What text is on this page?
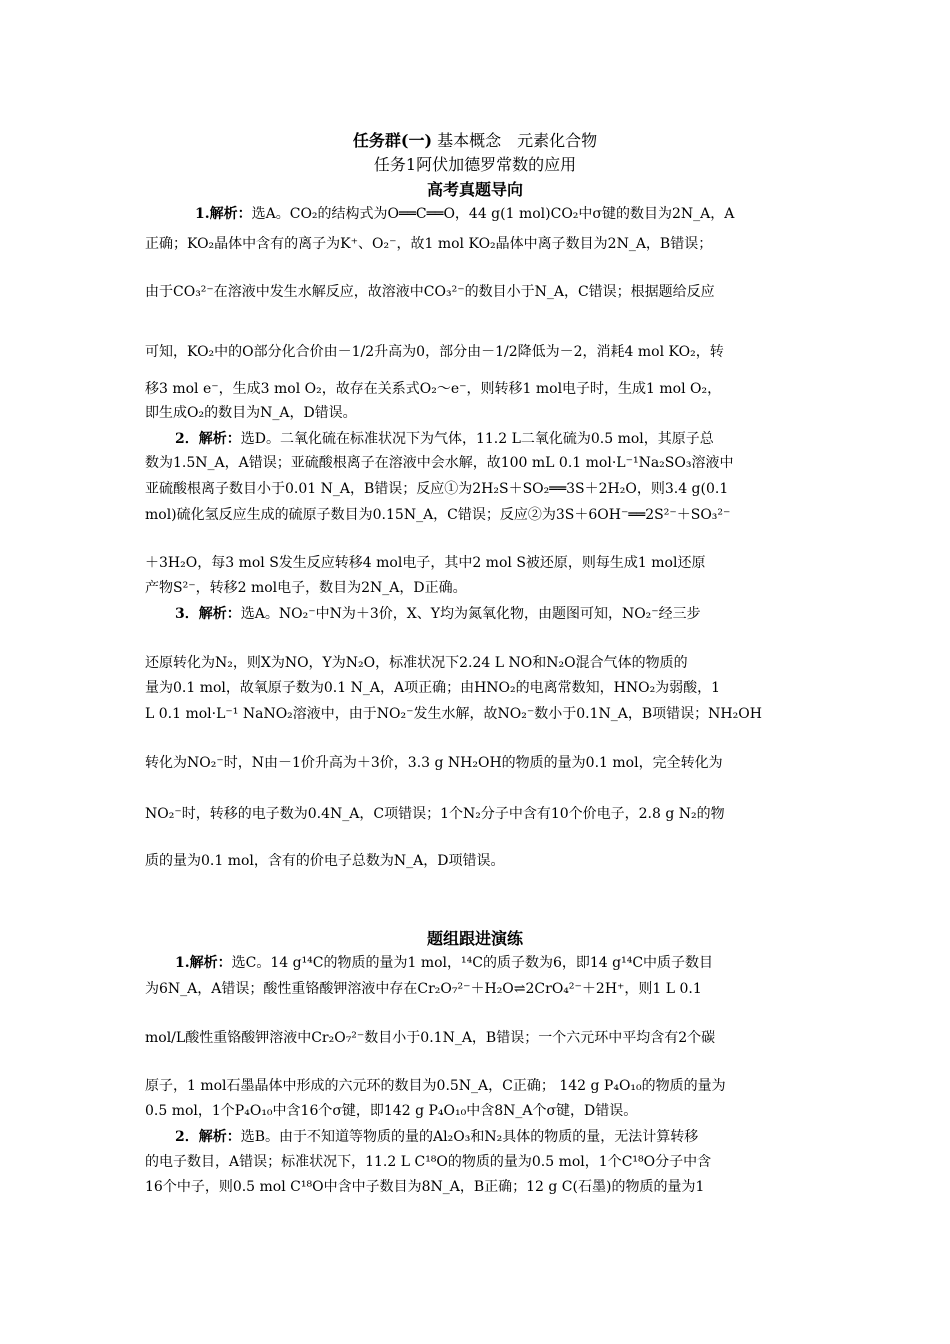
任务群(一) 基本概念　元素化合物
任务1阿伏加德罗常数的应用
高考真题导向
1.解析：选A。CO₂的结构式为O══C══O，44 g(1 mol)CO₂中σ键的数目为2N_A，A
正确；KO₂晶体中含有的离子为K⁺、O₂⁻，故1 mol KO₂晶体中离子数目为2N_A，B错误；
由于CO₃²⁻在溶液中发生水解反应，故溶液中CO₃²⁻的数目小于N_A，C错误；根据题给反应
可知，KO₂中的O部分化合价由－1/2升高为0，部分由－1/2降低为－2，消耗4 mol KO₂，转
移3 mol e⁻，生成3 mol O₂，故存在关系式O₂～e⁻，则转移1 mol电子时，生成1 mol O₂，
即生成O₂的数目为N_A，D错误。
2．解析：选D。二氧化硫在标准状况下为气体，11.2 L二氧化硫为0.5 mol，其原子总
数为1.5N_A，A错误；亚硫酸根离子在溶液中会水解，故100 mL 0.1 mol·L⁻¹Na₂SO₃溶液中
亚硫酸根离子数目小于0.01 N_A，B错误；反应①为2H₂S＋SO₂══3S＋2H₂O，则3.4 g(0.1
mol)硫化氢反应生成的硫原子数目为0.15N_A，C错误；反应②为3S＋6OH⁻══2S²⁻＋SO₃²⁻
＋3H₂O，每3 mol S发生反应转移4 mol电子，其中2 mol S被还原，则每生成1 mol还原
产物S²⁻，转移2 mol电子，数目为2N_A，D正确。
3．解析：选A。NO₂⁻中N为＋3价，X、Y均为氮氧化物，由题图可知，NO₂⁻经三步
还原转化为N₂，则X为NO，Y为N₂O，标准状况下2.24 L NO和N₂O混合气体的物质的
量为0.1 mol，故氧原子数为0.1 N_A，A项正确；由HNO₂的电离常数知，HNO₂为弱酸，1
L 0.1 mol·L⁻¹ NaNO₂溶液中，由于NO₂⁻发生水解，故NO₂⁻数小于0.1N_A，B项错误；NH₂OH
转化为NO₂⁻时，N由－1价升高为＋3价，3.3 g NH₂OH的物质的量为0.1 mol，完全转化为
NO₂⁻时，转移的电子数为0.4N_A，C项错误；1个N₂分子中含有10个价电子，2.8 g N₂的物
质的量为0.1 mol，含有的价电子总数为N_A，D项错误。
题组跟进演练
1.解析：选C。14 g¹⁴C的物质的量为1 mol，¹⁴C的质子数为6，即14 g¹⁴C中质子数目
为6N_A，A错误；酸性重铬酸钾溶液中存在Cr₂O₇²⁻＋H₂O⇌2CrO₄²⁻＋2H⁺，则1 L 0.1
mol/L酸性重铬酸钾溶液中Cr₂O₇²⁻数目小于0.1N_A，B错误；一个六元环中平均含有2个碳
原子，1 mol石墨晶体中形成的六元环的数目为0.5N_A，C正确； 142 g P₄O₁₀的物质的量为
0.5 mol，1个P₄O₁₀中含16个σ键，即142 g P₄O₁₀中含8N_A个σ键，D错误。
2．解析：选B。由于不知道等物质的量的Al₂O₃和N₂具体的物质的量，无法计算转移
的电子数目，A错误；标准状况下，11.2 L C¹⁸O的物质的量为0.5 mol，1个C¹⁸O分子中含
16个中子，则0.5 mol C¹⁸O中含中子数目为8N_A，B正确；12 g C(石墨)的物质的量为1
